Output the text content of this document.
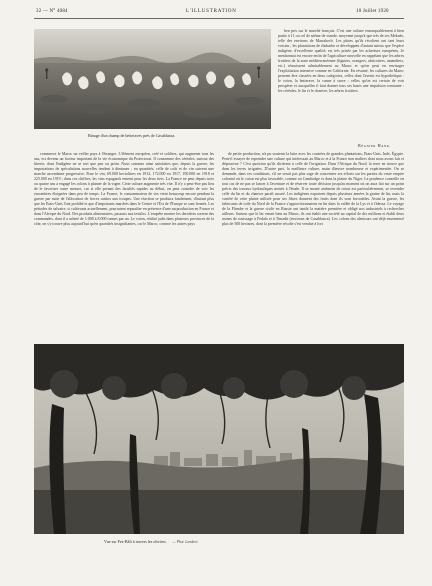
32 — N° 4084	L'ILLUSTRATION	10 Juillet 1920
Binage d'un champ de betteraves près de Casablanca.

ben pris sur le marché français. C'est une culture remarquablement à bien partie à 11 ou cel de même de viande, moyenne jusqu'à que très de ses Meknès, telle des environs de Marrakech. Les pluies qu'ils récoltent ont tant leurs voisins ; les plantations de rhubarbe et développent d'autant mieux que l'espèce indigène, d'excellente qualité, est très prisée par les acheteurs européens. Je mentionnai est encore enfin de l'agriculture nouvelle en rappelant que les arbres fruitiers de la zone méditerranéenne (figuiers, orangers, abricotiers, amandiers, etc.) réussissent admirablement au Maroc et qu'on peut en envisager l'exploitation intensive comme en Californie. En résumé, les cultures du Maroc peuvent être classées en deux catégories, celles dont l'avenir est hypothétique : le coton, la betterave, la canne à sucre ; celles qu'on est certain de voir prospérer et auxquelles il faut donner tous ses bases une impulsion constante : les céréales, le lin et le chanvre, les arbres fruitiers.

Régnier Hank.

commerce le Maroc un veiller pays à l'étranger. L'élément européen, créé et soldiers, qui augmente tous les ans, est devenu un facteur important de la vie économique du Protectorat. Il consomme des céréales, surtout des hirerie, dont l'indigène ne se sert que peu ou point. Nous sommes ainsi satisfaites que, depuis la guerre, les importations de spéculations nouvelles tendent à diminuer : en quantités, celle de coût et de vin suivent une marche ascendante progressive. Pour le vin, 69.000 hectolitres en 1912, 172.000 en 1917, 190.000 en 1918 et 225.000 en 1919 ; dans ces chiffres, les vins espagnols entrent pour les deux tiers. La France ne peut depuis trois ou quatre ans a engagé les colons à planter de la vigne. Cette culture augmente très vite. Il n'y a peut-être pas lieu de le favoriser outre mesure, car si elle prenait des facultés rapides au début, on peut craindre de voir les encombres éloignées dans peu de temps. La France, le consommateur de vin vient beaucoup encore pendant la guerre par suite de l'allocation de forces raisins aux troupes. Une réaction se produira fatalement, d'autant plus que les Etats-Unis l'ont prohibé et que d'importants marchés dans le Centre et l'Est de l'Europe se sont fermés. Les périodes de salvaire, si cultivants actuellement, pourraient reparaître en présence d'une surproduction en France et dans l'Afrique du Nord. Des produits alimentaires, passons aux textiles. L'enquête montre les dernières sortent des commandes, dont il a acheté de 1.000 à 8.000 tonnes par an. Le coton, réalisé jadis dans plusieurs provinces de la côte, ne s'y trouve plus aujourd'hui qu'en quantités insignifiantes, car le Maroc, comme les autres pays

de petite production, n'a pu soutenir la lutte avec les contrées de grandes plantations, Etats-Unis, Inde, Égypte. Peut-il essayer de reprendre une culture qui intéressait au Maroc et à la France non maîtres dont nous avons fait et dépourvue ? C'est question qu'ils dictèrent à celle de l'irrigation. Dans l'Afrique du Nord, la terre ne trouve que dans les terres irriguées. D'autre part, la meilleure culture, main d'œuvre nombreuse et expérimentée. On se demande, dans ces conditions, s'il ne serait pas plus sage de concentrer ses efforts sur les parties du vaste empire colonial où le coton est plus favorable, comme au Cambodge et dans la plaine du Niger. La prudence conseille en tout cas de ne pas se lancer à l'aventure et de réserver toute décision jusqu'au moment où on aura fait sur un point précis des travaux hydrauliques menés à l'étude. Il se monte aisément de coton est particulièrement, se revendre celle du lin et du chanvre paraît assuré. Les indigènes exportent depuis plusieurs années la graine de lin, mais la variété de cette plante utilisée pour ses fibres donnent des fruits dont ils sont favorables. Avant la guerre, les fabricants de toile du Nord de la France s'approvisionnaient en lin dans la vallée de la Lys et à Odessa. Le voyage de la Flandre et la guerre civile en Russie ont tantôt la matière première et obligé nos industriels à rechercher ailleurs. Surtout que le lin venait bien au Maroc, ils ont établi une société au capital de dix millions et établi deux usines de rouissage à Fedala et à Timadit (environs de Casablanca). Les colons des alentours ont déjà ensemencé plus de 500 hectares, dont la première récolte s'est vendue à fort

Vue sur Fez-Bâli à travers les oliviers. — Phot. Lambert.
